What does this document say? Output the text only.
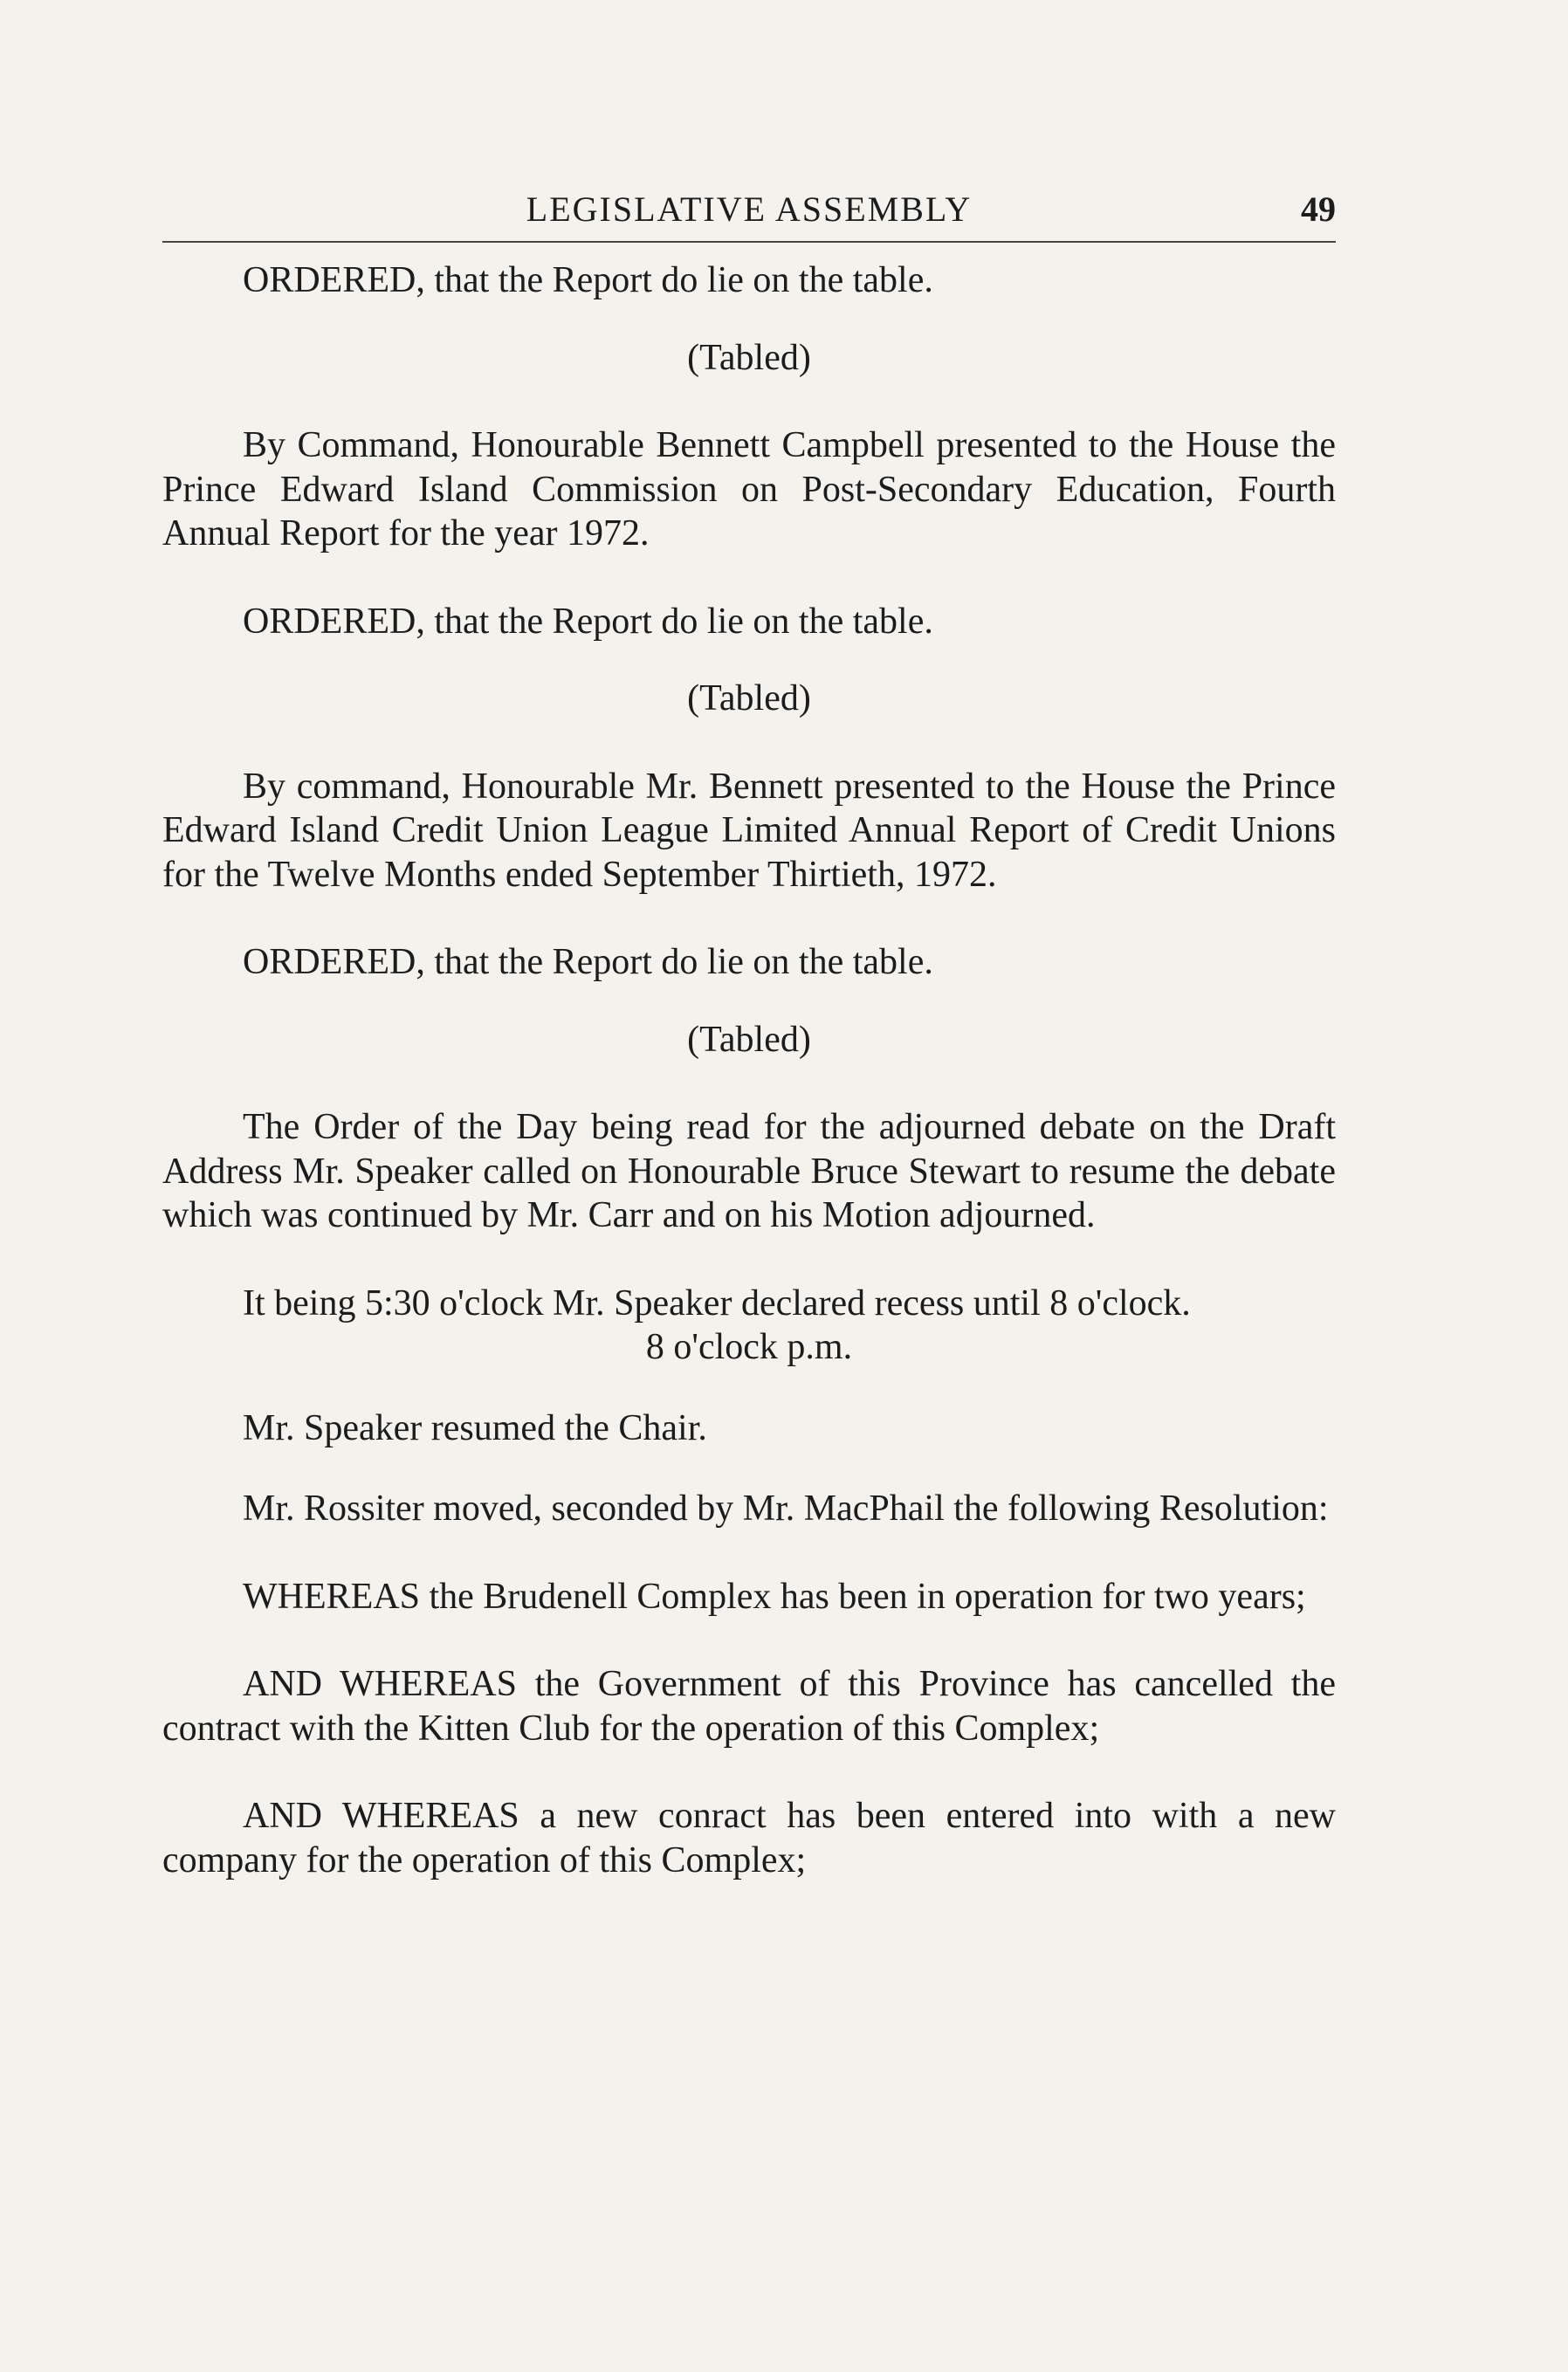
LEGISLATIVE ASSEMBLY	49

ORDERED, that the Report do lie on the table.

(Tabled)

By Command, Honourable Bennett Campbell presented to the House the Prince Edward Island Commission on Post-Secondary Education, Fourth Annual Report for the year 1972.

ORDERED, that the Report do lie on the table.

(Tabled)

By command, Honourable Mr. Bennett presented to the House the Prince Edward Island Credit Union League Limited Annual Report of Credit Unions for the Twelve Months ended September Thirtieth, 1972.

ORDERED, that the Report do lie on the table.

(Tabled)

The Order of the Day being read for the adjourned debate on the Draft Address Mr. Speaker called on Honourable Bruce Stewart to resume the debate which was continued by Mr. Carr and on his Motion adjourned.

It being 5:30 o'clock Mr. Speaker declared recess until 8 o'clock.

8 o'clock p.m.

Mr. Speaker resumed the Chair.

Mr. Rossiter moved, seconded by Mr. MacPhail the following Resolution:

WHEREAS the Brudenell Complex has been in operation for two years;

AND WHEREAS the Government of this Province has cancelled the contract with the Kitten Club for the operation of this Complex;

AND WHEREAS a new conract has been entered into with a new company for the operation of this Complex;
